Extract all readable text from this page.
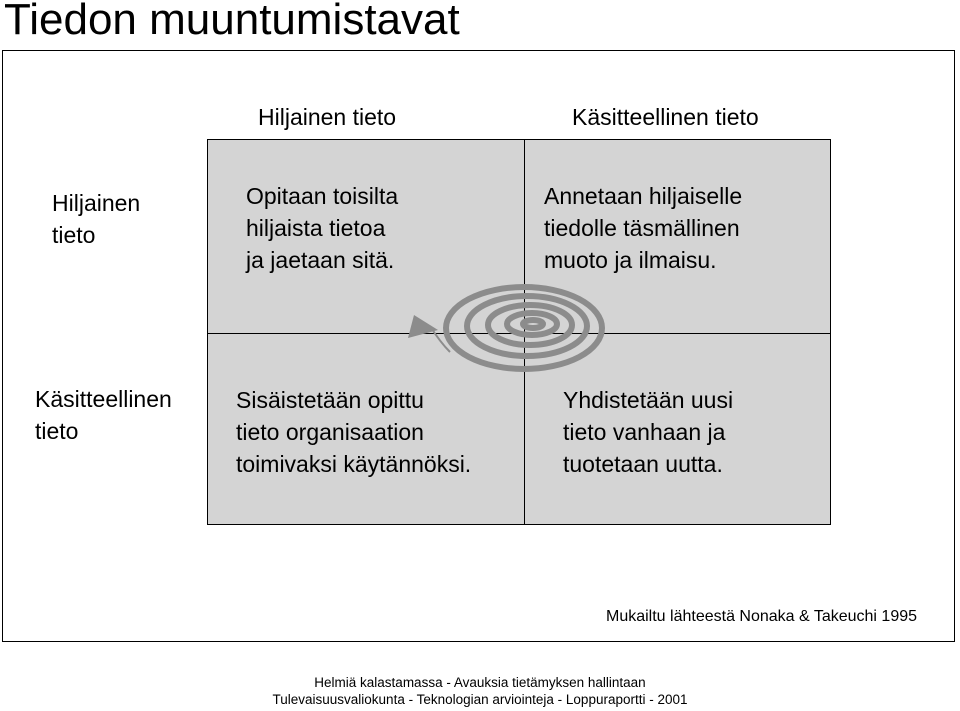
Tiedon muuntumistavat
Hiljainen tieto	Käsitteellinen tieto
Hiljainen
tieto
Käsitteellinen
tieto
Opitaan toisilta
hiljaista tietoa
ja jaetaan sitä.
Annetaan hiljaiselle
tiedolle täsmällinen
muoto ja ilmaisu.
Sisäistetään opittu
tieto organisaation
toimivaksi käytännöksi.
Yhdistetään uusi
tieto vanhaan ja
tuotetaan uutta.
Mukailtu lähteestä Nonaka & Takeuchi 1995
Helmiä kalastamassa - Avauksia tietämyksen hallintaan
Tulevaisuusvaliokunta - Teknologian arviointeja - Loppuraportti - 2001
